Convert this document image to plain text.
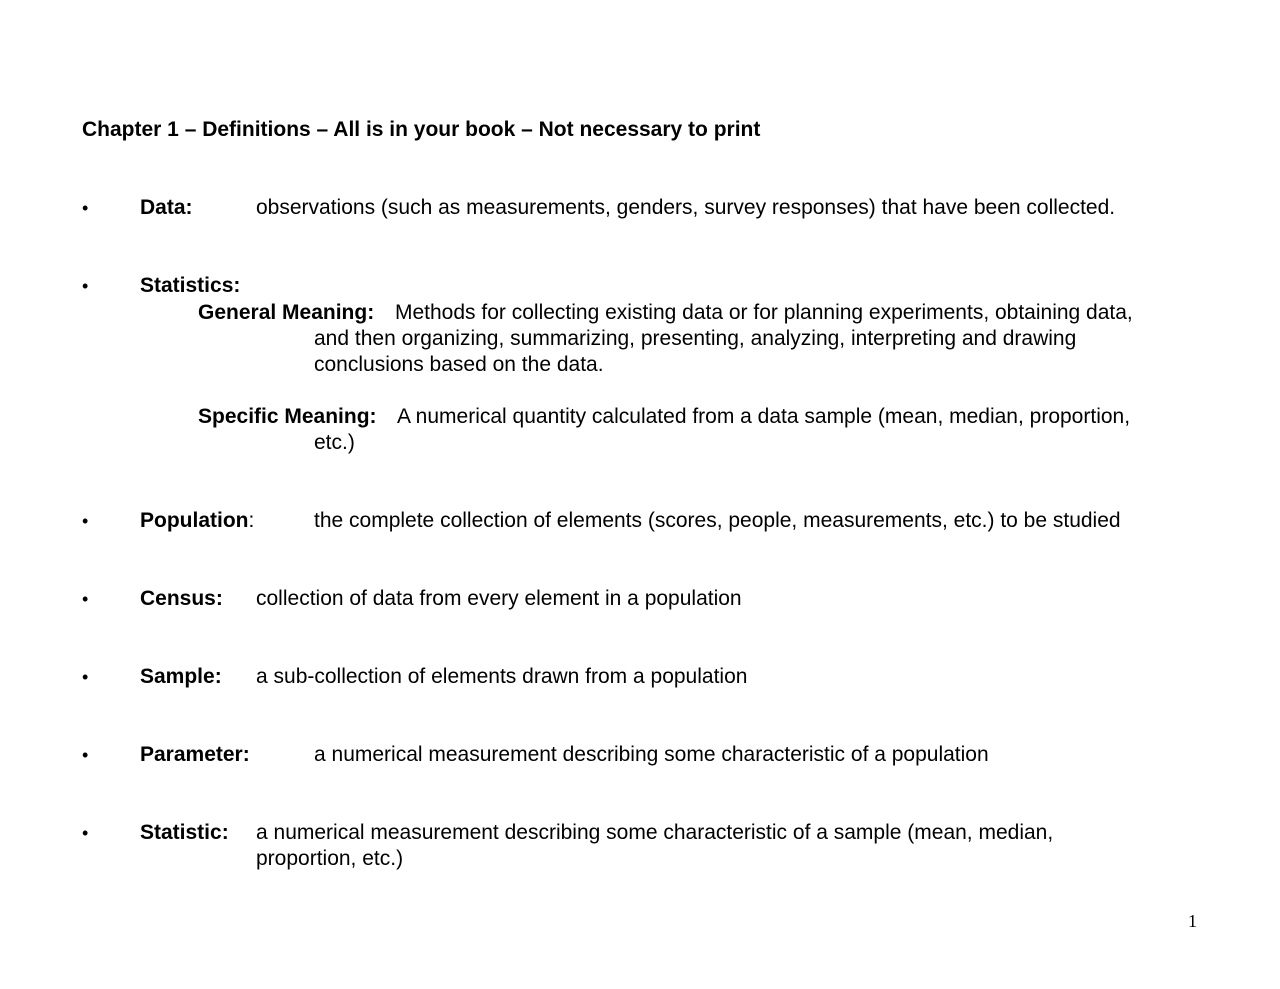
Chapter 1 – Definitions – All is in your book – Not necessary to print
• Data:	observations (such as measurements, genders, survey responses) that have been collected.
• Statistics:
General Meaning: Methods for collecting existing data or for planning experiments, obtaining data,
and then organizing, summarizing, presenting, analyzing, interpreting and drawing
conclusions based on the data.
Specific Meaning: A numerical quantity calculated from a data sample (mean, median, proportion,
etc.)
• Population:	the complete collection of elements (scores, people, measurements, etc.) to be studied
• Census: collection of data from every element in a population
• Sample: a sub-collection of elements drawn from a population
• Parameter:	a numerical measurement describing some characteristic of a population
• Statistic: a numerical measurement describing some characteristic of a sample (mean, median,
proportion, etc.)
1
